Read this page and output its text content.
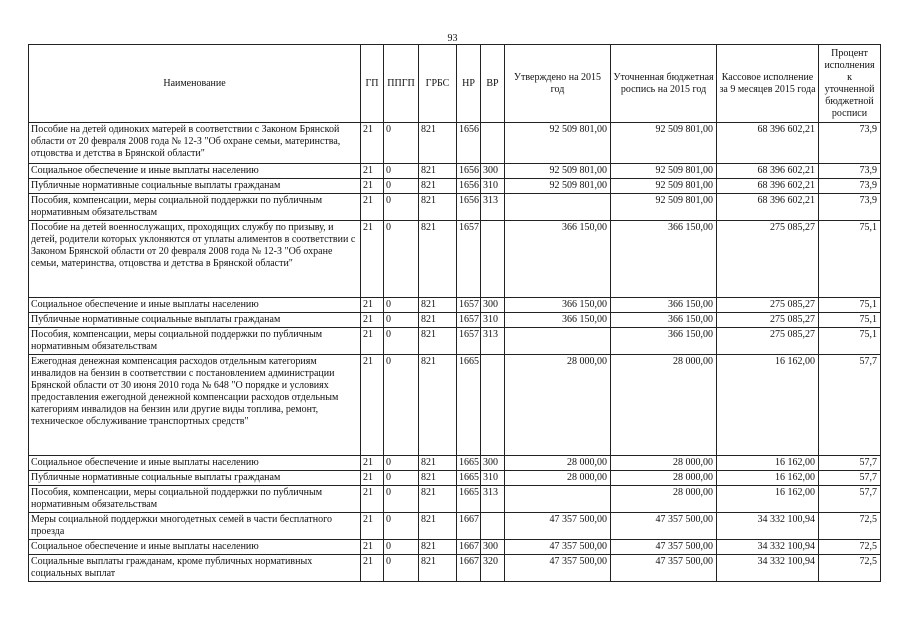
93
Наименование	ГП	ППГП	ГРБС	НР	ВР	Утверждено на 2015 год	Уточненная бюджетная роспись на 2015 год	Кассовое исполнение за 9 месяцев 2015 года	Процент исполнения к уточненной бюджетной росписи
Пособие на детей одиноких матерей в соответствии с Законом Брянской области от 20 февраля 2008 года № 12-З "Об охране семьи, материнства, отцовства и детства в Брянской области"	21	0	821	1656		92 509 801,00	92 509 801,00	68 396 602,21	73,9
Социальное обеспечение и иные выплаты населению	21	0	821	1656	300	92 509 801,00	92 509 801,00	68 396 602,21	73,9
Публичные нормативные социальные выплаты гражданам	21	0	821	1656	310	92 509 801,00	92 509 801,00	68 396 602,21	73,9
Пособия, компенсации, меры социальной поддержки по публичным нормативным обязательствам	21	0	821	1656	313		92 509 801,00	68 396 602,21	73,9
Пособие на детей военнослужащих, проходящих службу по призыву, и детей, родители которых уклоняются от уплаты алиментов в соответствии с Законом Брянской области от 20 февраля 2008 года № 12-З "Об охране семьи, материнства, отцовства и детства в Брянской области"	21	0	821	1657		366 150,00	366 150,00	275 085,27	75,1
Социальное обеспечение и иные выплаты населению	21	0	821	1657	300	366 150,00	366 150,00	275 085,27	75,1
Публичные нормативные социальные выплаты гражданам	21	0	821	1657	310	366 150,00	366 150,00	275 085,27	75,1
Пособия, компенсации, меры социальной поддержки по публичным нормативным обязательствам	21	0	821	1657	313		366 150,00	275 085,27	75,1
Ежегодная денежная компенсация расходов отдельным категориям инвалидов на бензин в соответствии с постановлением администрации Брянской области от 30 июня 2010 года № 648 "О порядке и условиях предоставления ежегодной денежной компенсации расходов отдельным категориям инвалидов на бензин или другие виды топлива, ремонт, техническое обслуживание транспортных средств"	21	0	821	1665		28 000,00	28 000,00	16 162,00	57,7
Социальное обеспечение и иные выплаты населению	21	0	821	1665	300	28 000,00	28 000,00	16 162,00	57,7
Публичные нормативные социальные выплаты гражданам	21	0	821	1665	310	28 000,00	28 000,00	16 162,00	57,7
Пособия, компенсации, меры социальной поддержки по публичным нормативным обязательствам	21	0	821	1665	313		28 000,00	16 162,00	57,7
Меры социальной поддержки многодетных семей в части бесплатного проезда	21	0	821	1667		47 357 500,00	47 357 500,00	34 332 100,94	72,5
Социальное обеспечение и иные выплаты населению	21	0	821	1667	300	47 357 500,00	47 357 500,00	34 332 100,94	72,5
Социальные выплаты гражданам, кроме публичных нормативных социальных выплат	21	0	821	1667	320	47 357 500,00	47 357 500,00	34 332 100,94	72,5
